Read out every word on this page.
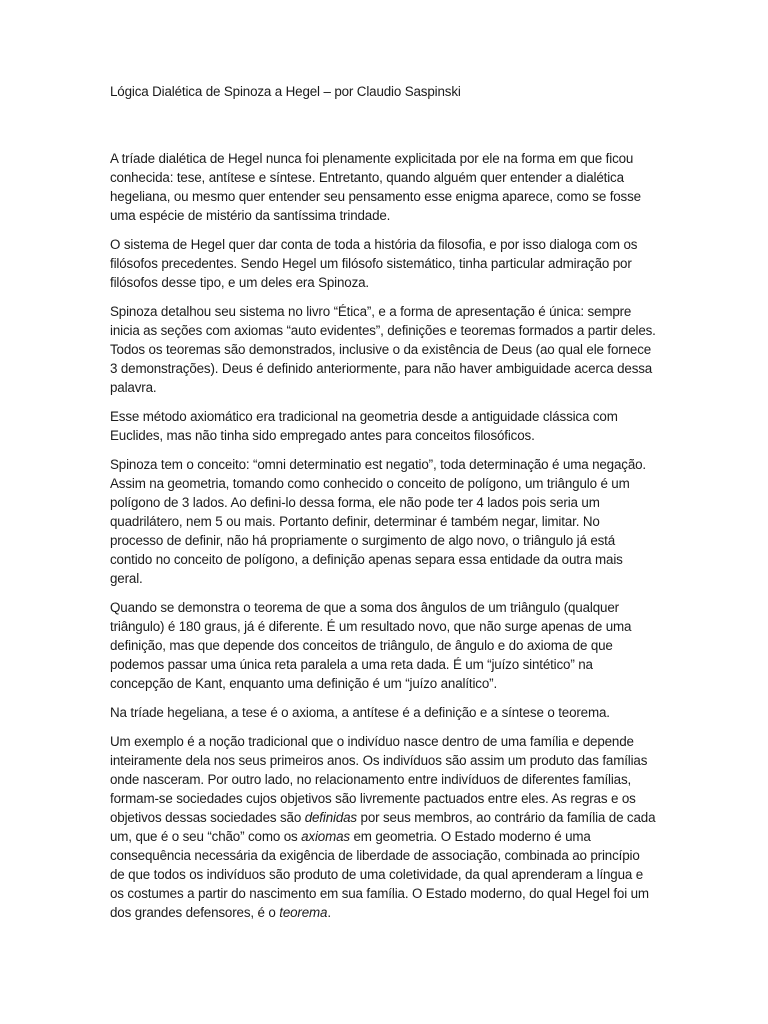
Lógica Dialética de Spinoza a Hegel – por Claudio Saspinski

A tríade dialética de Hegel nunca foi plenamente explicitada por ele na forma em que ficou conhecida: tese, antítese e síntese. Entretanto, quando alguém quer entender a dialética hegeliana, ou mesmo quer entender seu pensamento esse enigma aparece, como se fosse uma espécie de mistério da santíssima trindade.

O sistema de Hegel quer dar conta de toda a história da filosofia, e por isso dialoga com os filósofos precedentes. Sendo Hegel um filósofo sistemático, tinha particular admiração por filósofos desse tipo, e um deles era Spinoza.

Spinoza detalhou seu sistema no livro “Ética”, e a forma de apresentação é única: sempre inicia as seções com axiomas “auto evidentes”, definições e teoremas formados a partir deles. Todos os teoremas são demonstrados, inclusive o da existência de Deus (ao qual ele fornece 3 demonstrações). Deus é definido anteriormente, para não haver ambiguidade acerca dessa palavra.

Esse método axiomático era tradicional na geometria desde a antiguidade clássica com Euclides, mas não tinha sido empregado antes para conceitos filosóficos.

Spinoza tem o conceito: “omni determinatio est negatio”, toda determinação é uma negação. Assim na geometria, tomando como conhecido o conceito de polígono, um triângulo é um polígono de 3 lados. Ao defini-lo dessa forma, ele não pode ter 4 lados pois seria um quadrilátero, nem 5 ou mais. Portanto definir, determinar é também negar, limitar. No processo de definir, não há propriamente o surgimento de algo novo, o triângulo já está contido no conceito de polígono, a definição apenas separa essa entidade da outra mais geral.

Quando se demonstra o teorema de que a soma dos ângulos de um triângulo (qualquer triângulo) é 180 graus, já é diferente. É um resultado novo, que não surge apenas de uma definição, mas que depende dos conceitos de triângulo, de ângulo e do axioma de que podemos passar uma única reta paralela a uma reta dada. É um “juízo sintético” na concepção de Kant, enquanto uma definição é um “juízo analítico”.

Na tríade hegeliana, a tese é o axioma, a antítese é a definição e a síntese o teorema.

Um exemplo é a noção tradicional que o indivíduo nasce dentro de uma família e depende inteiramente dela nos seus primeiros anos. Os indivíduos são assim um produto das famílias onde nasceram. Por outro lado, no relacionamento entre indivíduos de diferentes famílias, formam-se sociedades cujos objetivos são livremente pactuados entre eles. As regras e os objetivos dessas sociedades são definidas por seus membros, ao contrário da família de cada um, que é o seu “chão” como os axiomas em geometria. O Estado moderno é uma consequência necessária da exigência de liberdade de associação, combinada ao princípio de que todos os indivíduos são produto de uma coletividade, da qual aprenderam a língua e os costumes a partir do nascimento em sua família. O Estado moderno, do qual Hegel foi um dos grandes defensores, é o teorema.
